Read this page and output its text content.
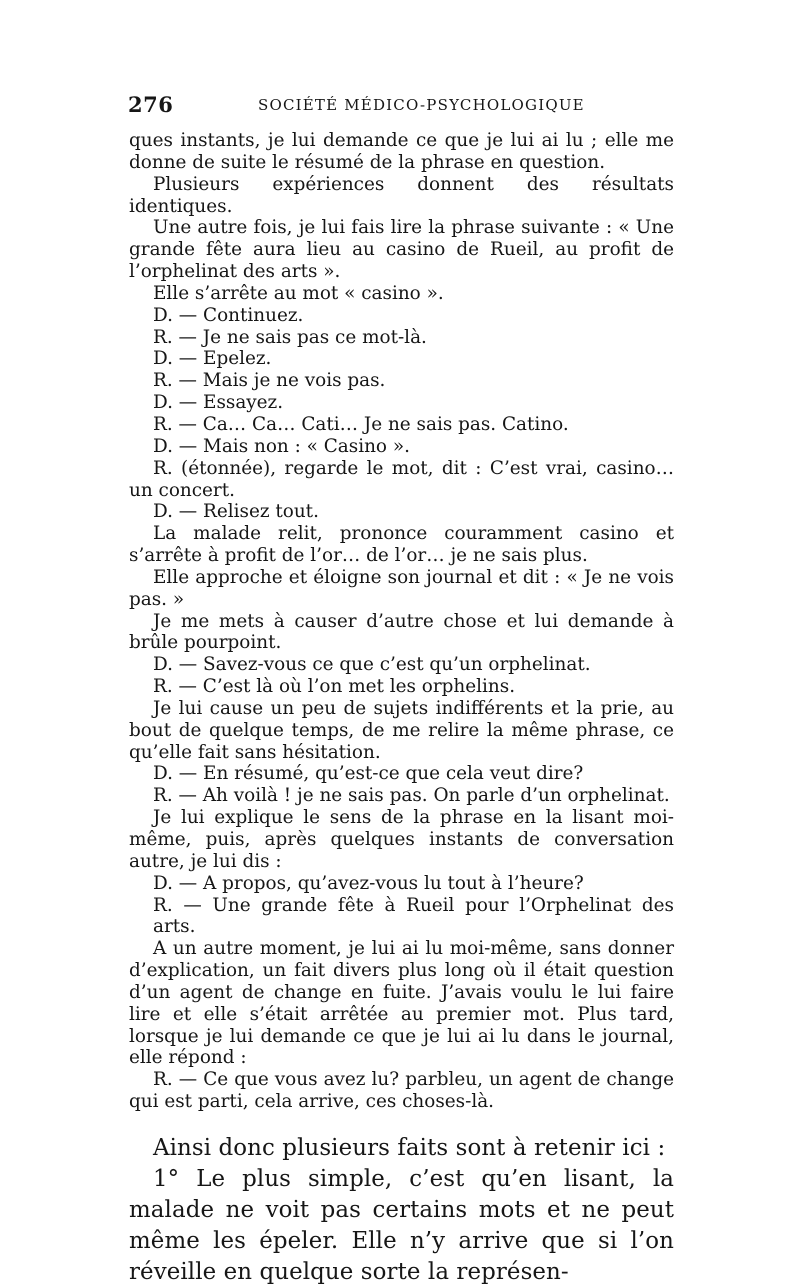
276	SOCIÉTÉ MÉDICO-PSYCHOLOGIQUE

ques instants, je lui demande ce que je lui ai lu ; elle me donne de suite le résumé de la phrase en question.

Plusieurs expériences donnent des résultats identiques.

Une autre fois, je lui fais lire la phrase suivante : « Une grande fête aura lieu au casino de Rueil, au profit de l’orphelinat des arts ».

Elle s’arrête au mot « casino ».

D. — Continuez.

R. — Je ne sais pas ce mot-là.

D. — Epelez.

R. — Mais je ne vois pas.

D. — Essayez.

R. — Ca… Ca… Cati… Je ne sais pas. Catino.

D. — Mais non : « Casino ».

R. (étonnée), regarde le mot, dit : C’est vrai, casino… un concert.

D. — Relisez tout.

La malade relit, prononce couramment casino et s’arrête à profit de l’or… de l’or… je ne sais plus.

Elle approche et éloigne son journal et dit : « Je ne vois pas. »

Je me mets à causer d’autre chose et lui demande à brûle pourpoint.

D. — Savez-vous ce que c’est qu’un orphelinat.

R. — C’est là où l’on met les orphelins.

Je lui cause un peu de sujets indifférents et la prie, au bout de quelque temps, de me relire la même phrase, ce qu’elle fait sans hésitation.

D. — En résumé, qu’est-ce que cela veut dire?

R. — Ah voilà ! je ne sais pas. On parle d’un orphelinat.

Je lui explique le sens de la phrase en la lisant moi-même, puis, après quelques instants de conversation autre, je lui dis :

D. — A propos, qu’avez-vous lu tout à l’heure?

R. — Une grande fête à Rueil pour l’Orphelinat des arts.

A un autre moment, je lui ai lu moi-même, sans donner d’explication, un fait divers plus long où il était question d’un agent de change en fuite. J’avais voulu le lui faire lire et elle s’était arrêtée au premier mot. Plus tard, lorsque je lui demande ce que je lui ai lu dans le journal, elle répond :

R. — Ce que vous avez lu? parbleu, un agent de change qui est parti, cela arrive, ces choses-là.

Ainsi donc plusieurs faits sont à retenir ici :

1° Le plus simple, c’est qu’en lisant, la malade ne voit pas certains mots et ne peut même les épeler. Elle n’y arrive que si l’on réveille en quelque sorte la représen-
